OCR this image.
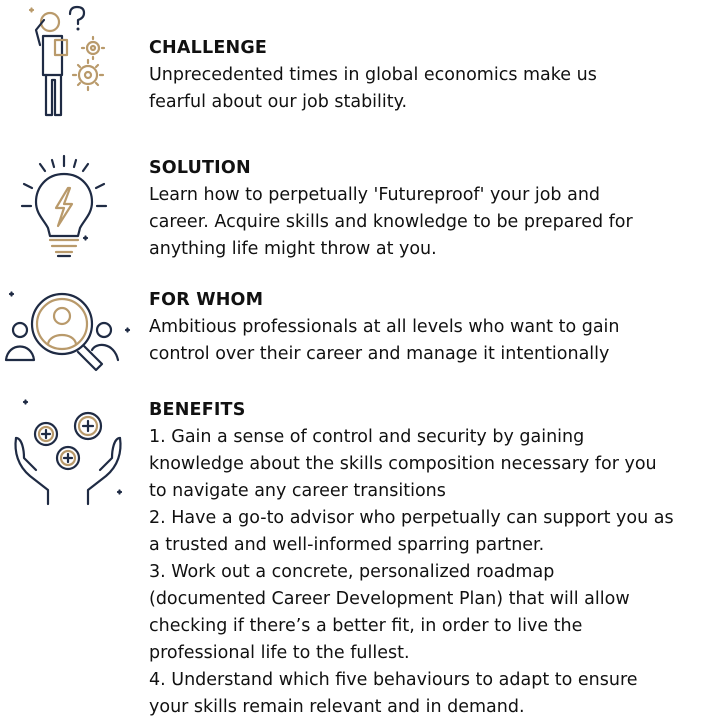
CHALLENGE
Unprecedented times in global economics make us
fearful about our job stability.
SOLUTION
Learn how to perpetually 'Futureproof' your job and
career. Acquire skills and knowledge to be prepared for
anything life might throw at you.
FOR WHOM
Ambitious professionals at all levels who want to gain
control over their career and manage it intentionally
BENEFITS
1. Gain a sense of control and security by gaining
knowledge about the skills composition necessary for you
to navigate any career transitions
2. Have a go-to advisor who perpetually can support you as
a trusted and well-informed sparring partner.
3. Work out a concrete, personalized roadmap
(documented Career Development Plan) that will allow
checking if there’s a better fit, in order to live the
professional life to the fullest.
4. Understand which five behaviours to adapt to ensure
your skills remain relevant and in demand.
